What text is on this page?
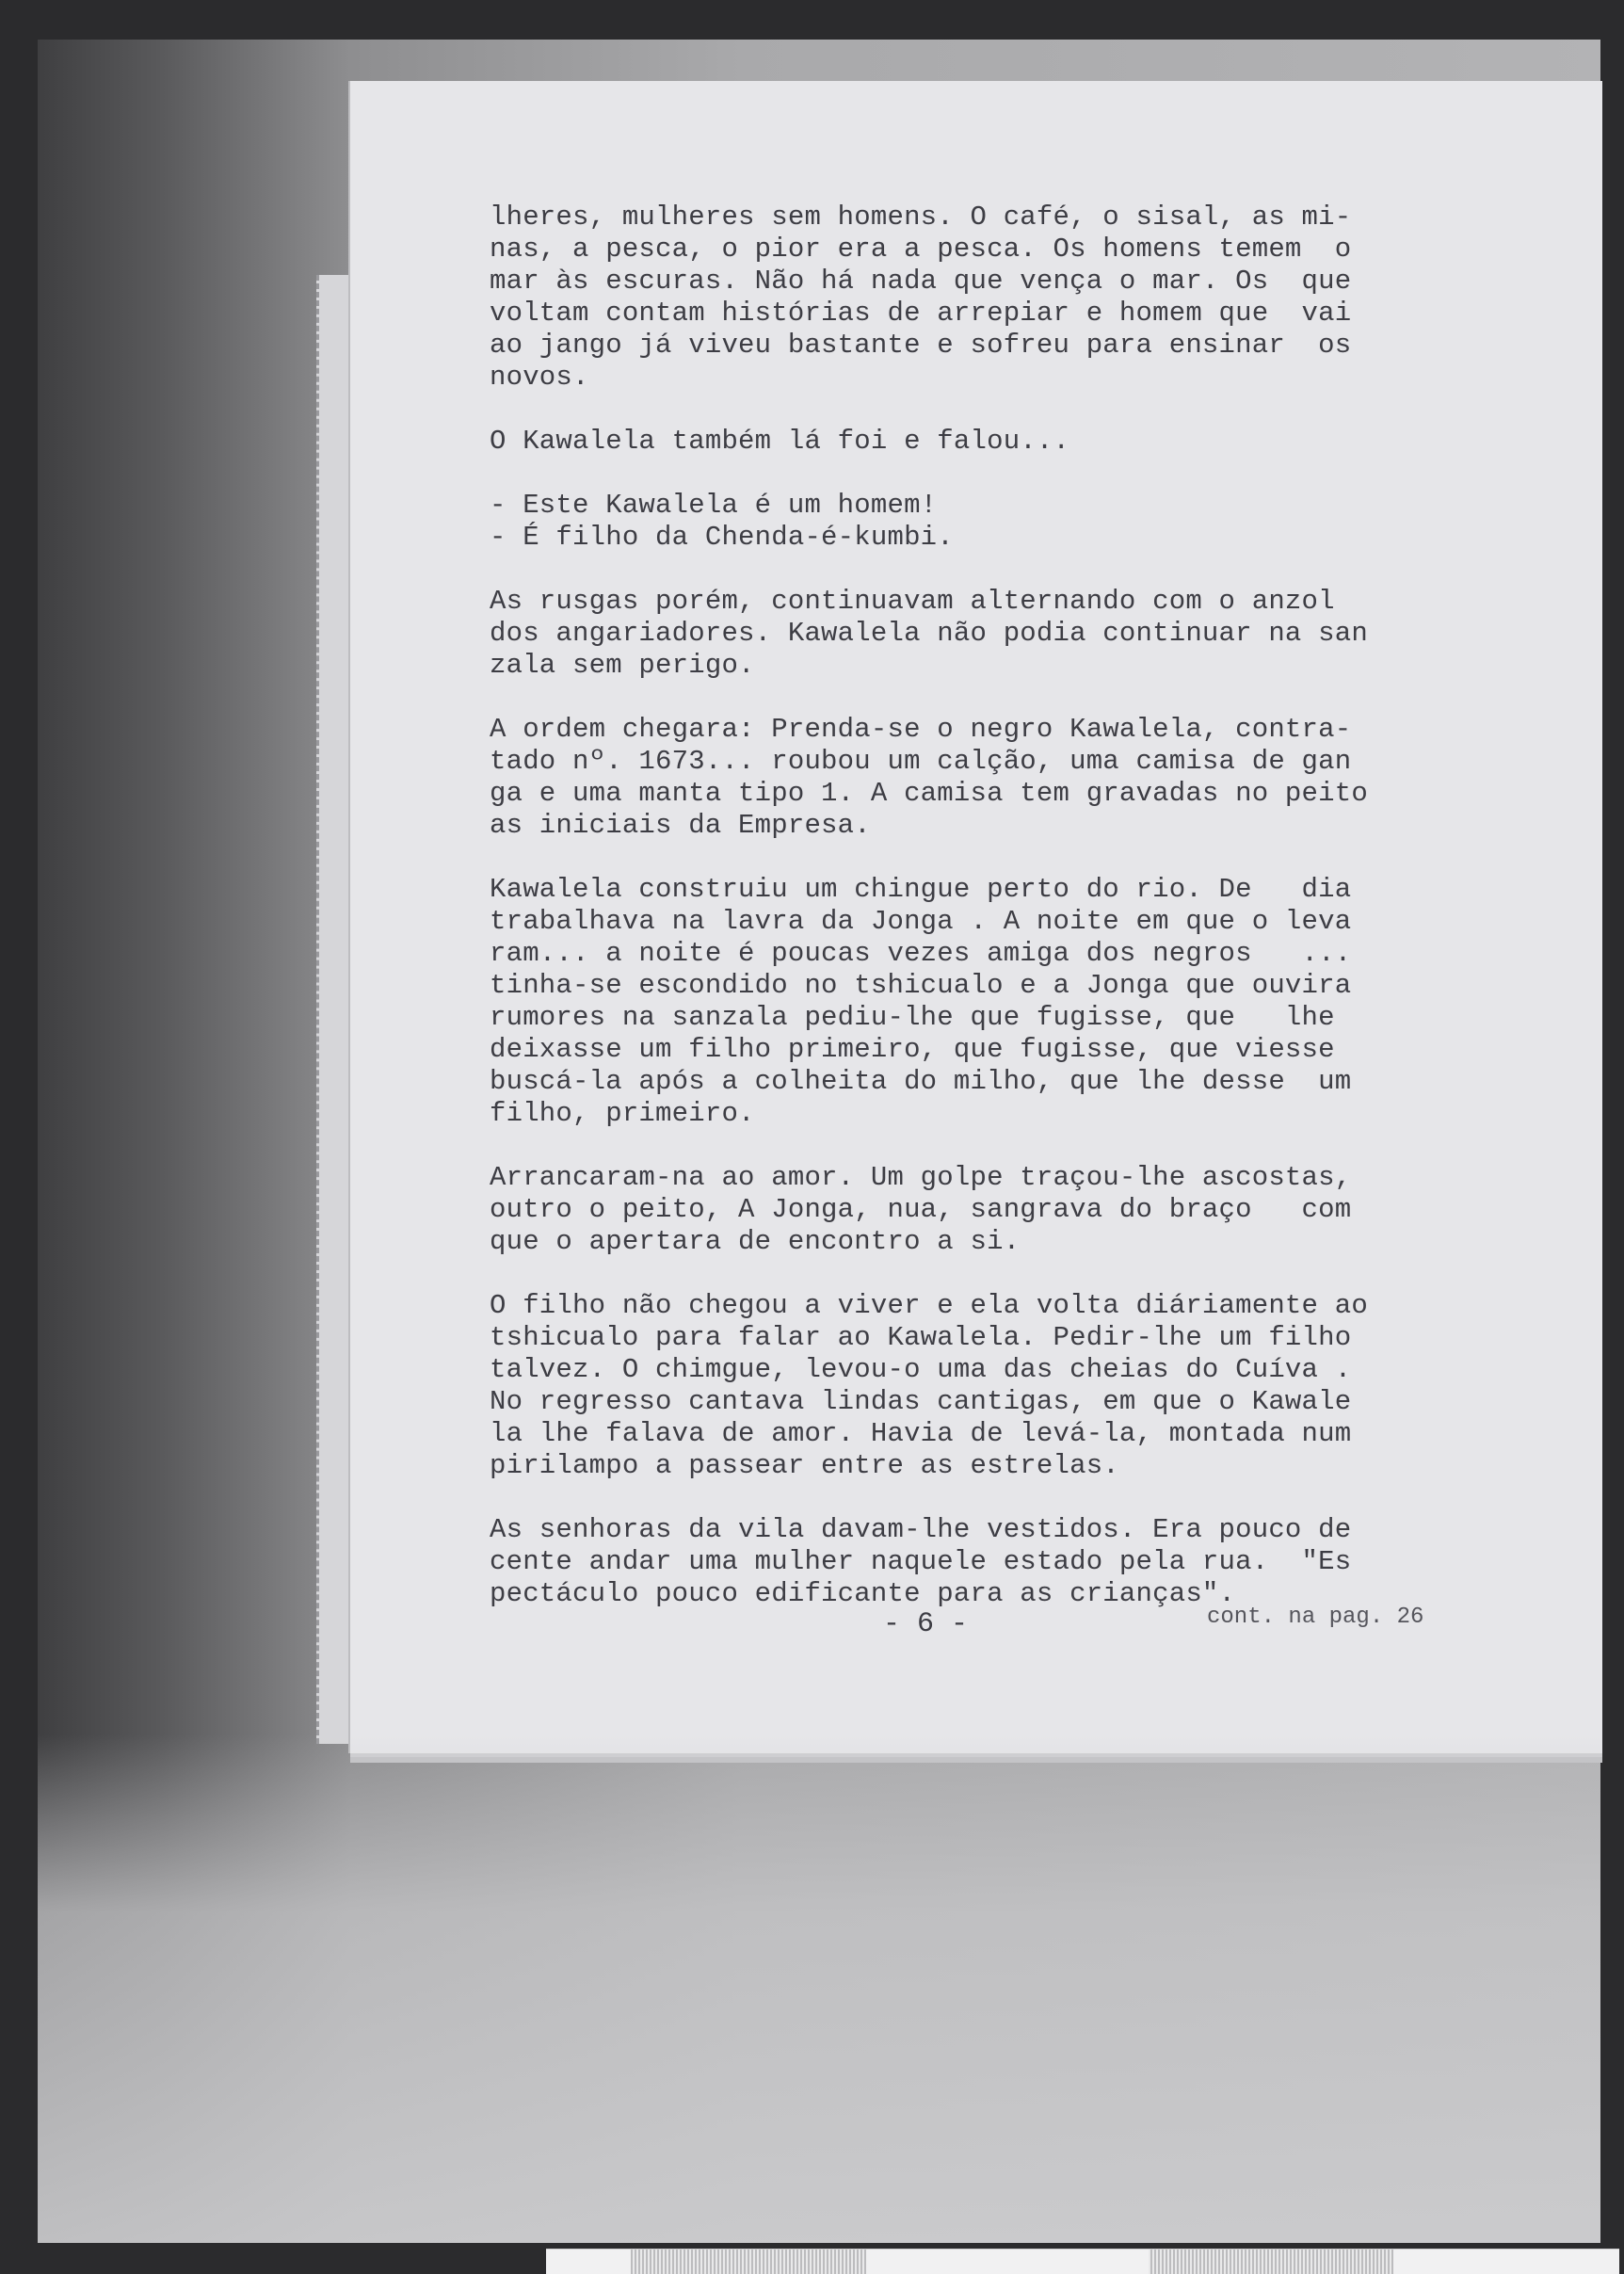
lheres, mulheres sem homens. O café, o sisal, as mi-
nas, a pesca, o pior era a pesca. Os homens temem  o
mar às escuras. Não há nada que vença o mar. Os  que
voltam contam histórias de arrepiar e homem que  vai
ao jango já viveu bastante e sofreu para ensinar  os
novos.
O Kawalela também lá foi e falou...
- Este Kawalela é um homem!
- É filho da Chenda-é-kumbi.
As rusgas porém, continuavam alternando com o anzol
dos angariadores. Kawalela não podia continuar na san
zala sem perigo.
A ordem chegara: Prenda-se o negro Kawalela, contra-
tado nº. 1673... roubou um calção, uma camisa de gan
ga e uma manta tipo 1. A camisa tem gravadas no peito
as iniciais da Empresa.
Kawalela construiu um chingue perto do rio. De   dia
trabalhava na lavra da Jonga . A noite em que o leva
ram... a noite é poucas vezes amiga dos negros   ...
tinha-se escondido no tshicualo e a Jonga que ouvira
rumores na sanzala pediu-lhe que fugisse, que   lhe
deixasse um filho primeiro, que fugisse, que viesse
buscá-la após a colheita do milho, que lhe desse  um
filho, primeiro.
Arrancaram-na ao amor. Um golpe traçou-lhe ascostas,
outro o peito, A Jonga, nua, sangrava do braço   com
que o apertara de encontro a si.
O filho não chegou a viver e ela volta diáriamente ao
tshicualo para falar ao Kawalela. Pedir-lhe um filho
talvez. O chimgue, levou-o uma das cheias do Cuíva .
No regresso cantava lindas cantigas, em que o Kawale
la lhe falava de amor. Havia de levá-la, montada num
pirilampo a passear entre as estrelas.
As senhoras da vila davam-lhe vestidos. Era pouco de
cente andar uma mulher naquele estado pela rua.  "Es
pectáculo pouco edificante para as crianças".
- 6 -	cont. na pag. 26
